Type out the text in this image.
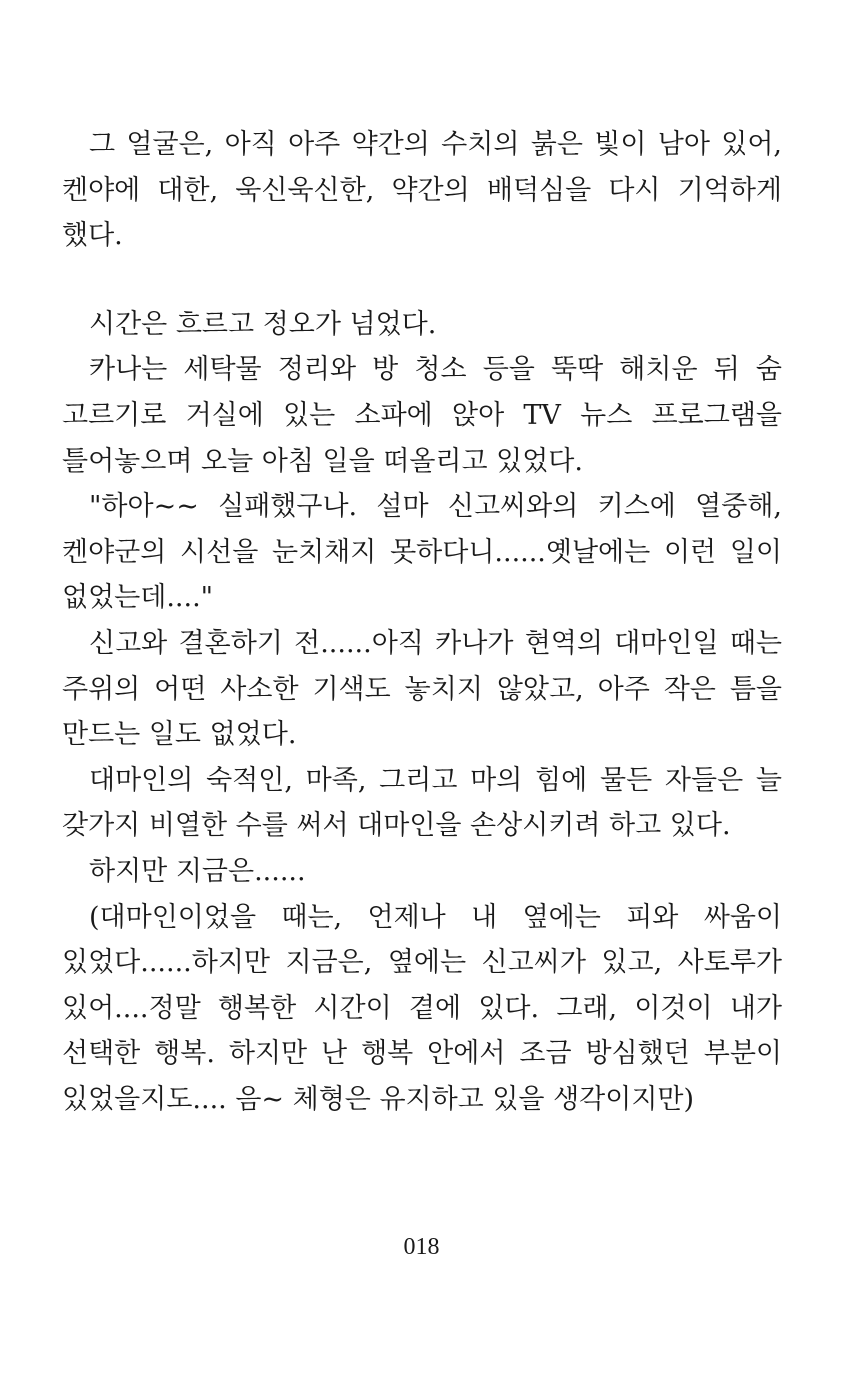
그 얼굴은, 아직 아주 약간의 수치의 붉은 빛이 남아 있어, 켄야에 대한, 욱신욱신한, 약간의 배덕심을 다시 기억하게 했다.

시간은 흐르고 정오가 넘었다.

카나는 세탁물 정리와 방 청소 등을 뚝딱 해치운 뒤 숨 고르기로 거실에 있는 소파에 앉아 TV 뉴스 프로그램을 틀어놓으며 오늘 아침 일을 떠올리고 있었다.

"하아~~ 실패했구나. 설마 신고씨와의 키스에 열중해, 켄야군의 시선을 눈치채지 못하다니......옛날에는 이런 일이 없었는데...."

신고와 결혼하기 전......아직 카나가 현역의 대마인일 때는 주위의 어떤 사소한 기색도 놓치지 않았고, 아주 작은 틈을 만드는 일도 없었다.

대마인의 숙적인, 마족, 그리고 마의 힘에 물든 자들은 늘 갖가지 비열한 수를 써서 대마인을 손상시키려 하고 있다.

하지만 지금은......

(대마인이었을 때는, 언제나 내 옆에는 피와 싸움이 있었다......하지만 지금은, 옆에는 신고씨가 있고, 사토루가 있어....정말 행복한 시간이 곁에 있다. 그래, 이것이 내가 선택한 행복. 하지만 난 행복 안에서 조금 방심했던 부분이 있었을지도.... 음~ 체형은 유지하고 있을 생각이지만)

018
